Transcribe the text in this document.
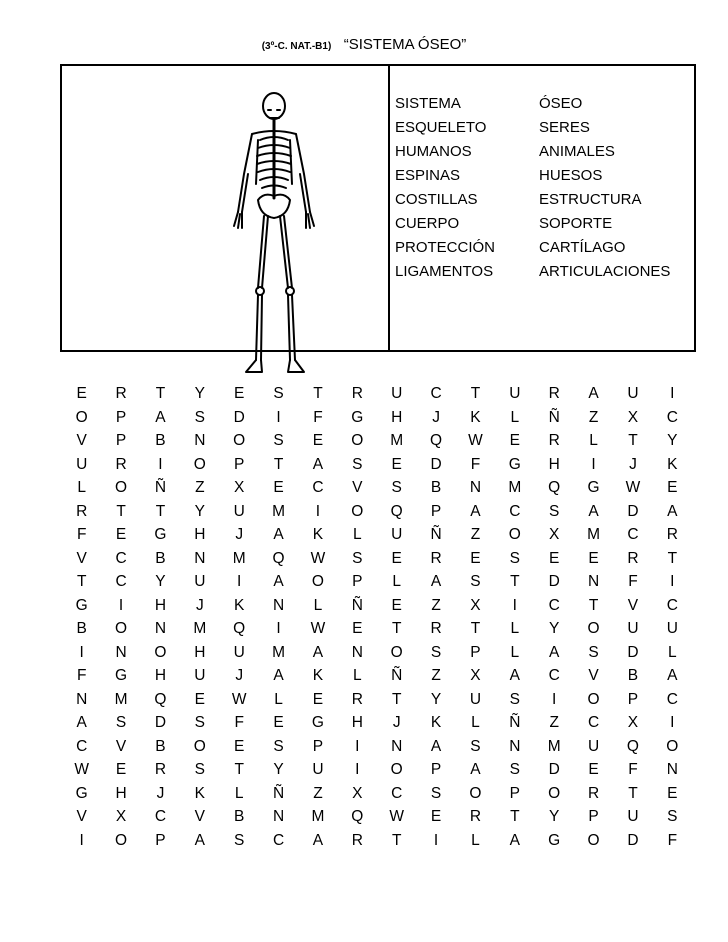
(3º-C. NAT.-B1) “SISTEMA ÓSEO”
SISTEMA	ÓSEO
ESQUELETO	SERES
HUMANOS	ANIMALES
ESPINAS	HUESOS
COSTILLAS	ESTRUCTURA
CUERPO	SOPORTE
PROTECCIÓN	CARTÍLAGO
LIGAMENTOS	ARTICULACIONES
E	R	T	Y	E	S	T	R	U	C	T	U	R	A	U	I
O	P	A	S	D	I	F	G	H	J	K	L	Ñ	Z	X	C
V	P	B	N	O	S	E	O	M	Q	W	E	R	L	T	Y
U	R	I	O	P	T	A	S	E	D	F	G	H	I	J	K
L	O	Ñ	Z	X	E	C	V	S	B	N	M	Q	G	W	E
R	T	T	Y	U	M	I	O	Q	P	A	C	S	A	D	A
F	E	G	H	J	A	K	L	U	Ñ	Z	O	X	M	C	R
V	C	B	N	M	Q	W	S	E	R	E	S	E	E	R	T
T	C	Y	U	I	A	O	P	L	A	S	T	D	N	F	I
G	I	H	J	K	N	L	Ñ	E	Z	X	I	C	T	V	C
B	O	N	M	Q	I	W	E	T	R	T	L	Y	O	U	U
I	N	O	H	U	M	A	N	O	S	P	L	A	S	D	L
F	G	H	U	J	A	K	L	Ñ	Z	X	A	C	V	B	A
N	M	Q	E	W	L	E	R	T	Y	U	S	I	O	P	C
A	S	D	S	F	E	G	H	J	K	L	Ñ	Z	C	X	I
C	V	B	O	E	S	P	I	N	A	S	N	M	U	Q	O
W	E	R	S	T	Y	U	I	O	P	A	S	D	E	F	N
G	H	J	K	L	Ñ	Z	X	C	S	O	P	O	R	T	E
V	X	C	V	B	N	M	Q	W	E	R	T	Y	P	U	S
I	O	P	A	S	C	A	R	T	I	L	A	G	O	D	F
